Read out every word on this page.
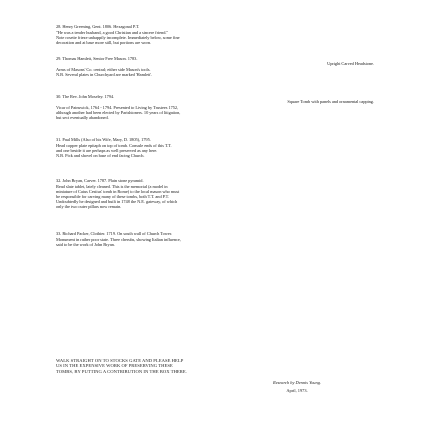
28. Henry Greening, Gent. 1806. Hexagonal P.T.
"He was a tender husband, a good Christian and a sincere friend."
Note rosette frieze unhappily incomplete. Immediately below, some fine
decoration and at base more still, but portions are worn.
29. Thomas Hamlett, Senior Free Mason. 1783.
Upright Carved Headstone.
Arms of Masons' Co. central; either side Mason's tools.
N.B. Several plates in Churchyard are marked 'Hamlett'.
30. The Rev. John Moseley. 1794.
Square Tomb with panels and ornamental capping.
Vicar of Painswick, 1764 - 1794. Presented to Living by Trustees 1752,
although another had been elected by Parishioners. 10 years of litigation,
but sect eventually abandoned.
31. Paul Mills (Also of his Wife, Mary, D. 1805), 1795.
Head copper plate epitaph on top of tomb. Consule ends of this T.T.
and one beside it are perhaps as well preserved as any here.
N.B. Pick and shovel on base of end facing Church.
32. John Bryan, Carver. 1787. Plain stone pyramid.
Read slate tablet, lately cleaned. This is the memorial (a model in
miniature of Caius Cestius' tomb in Rome) to the local mason who must
be responsible for carving many of these tombs, both T.T. and P.T.
Undoubtedly he designed and built in 1748 the N.E. gateway, of which
only the two outer pillars now remain.
33. Richard Packer, Clothier. 1719. On south wall of Church Tower.
Monument in rather poor state. Three cherubs, showing Italian influence,
said to be the work of John Bryan.
WALK STRAIGHT ON TO STOCKS GATE AND PLEASE HELP
US IN THE EXPENSIVE WORK OF PRESERVING THESE
TOMBS, BY PUTTING A CONTRIBUTION IN THE BOX THERE.
Research by Dennis Young.
April, 1973.
